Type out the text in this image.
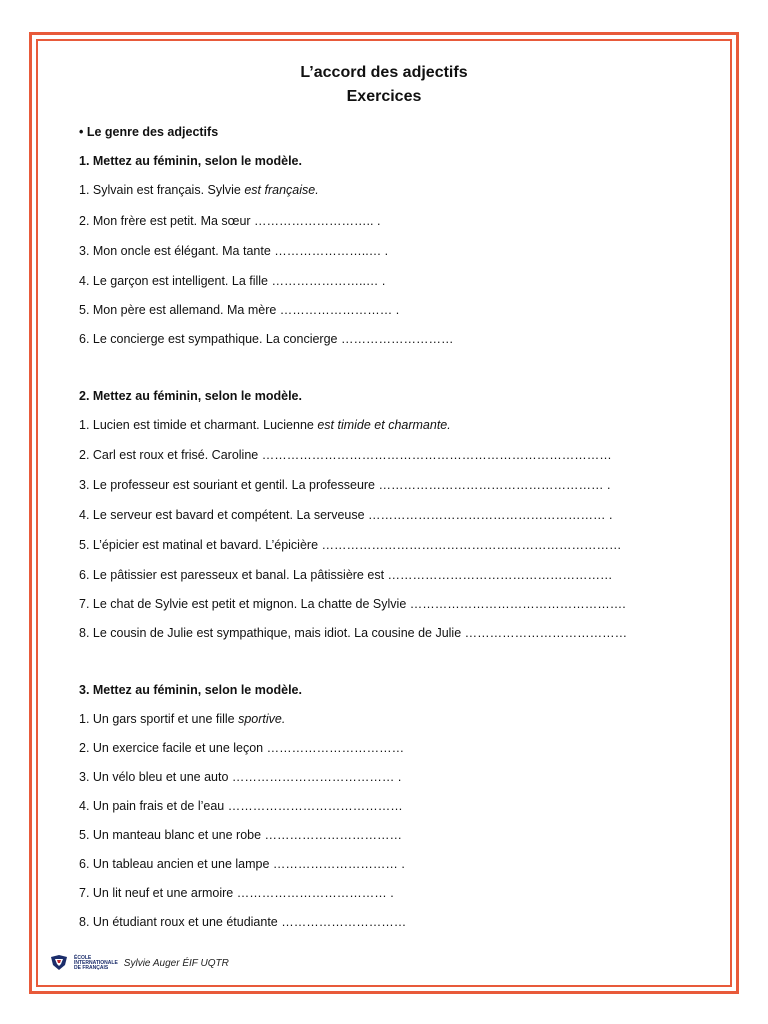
L’accord des adjectifs
Exercices
• Le genre des adjectifs
1. Mettez au féminin, selon le modèle.
1. Sylvain est français. Sylvie est française.
2. Mon frère est petit. Ma sœur ……………………….. .
3. Mon oncle est élégant. Ma tante …………………..… .
4. Le garçon est intelligent. La fille …………………..… .
5. Mon père est allemand. Ma mère ……………………… .
6. Le concierge est sympathique. La concierge ………………………
2. Mettez au féminin, selon le modèle.
1. Lucien est timide et charmant. Lucienne est timide et charmante.
2. Carl est roux et frisé. Caroline …………………………………………………………………………
3. Le professeur est souriant et gentil. La professeure ……………………………………………… .
4. Le serveur est bavard et compétent. La serveuse ………………………………………………… .
5. L’épicier est matinal et bavard. L’épicière ………………………………………………………………
6. Le pâtissier est paresseux et banal. La pâtissière est ………………………………………………
7. Le chat de Sylvie est petit et mignon. La chatte de Sylvie …………………………………………….
8. Le cousin de Julie est sympathique, mais idiot. La cousine de Julie …………………………………
3. Mettez au féminin, selon le modèle.
1. Un gars sportif et une fille sportive.
2. Un exercice facile et une leçon ……………………………
3. Un vélo bleu et une auto ………………………………… .
4. Un pain frais et de l’eau ……………………………………
5. Un manteau blanc et une robe ……………………………
6. Un tableau ancien et une lampe ………………………… .
7. Un lit neuf et une armoire ……………………………… .
8. Un étudiant roux et une étudiante …………………………
ÉCOLE
INTERNATIONALE
DE FRANÇAIS	Sylvie Auger ÉIF UQTR
